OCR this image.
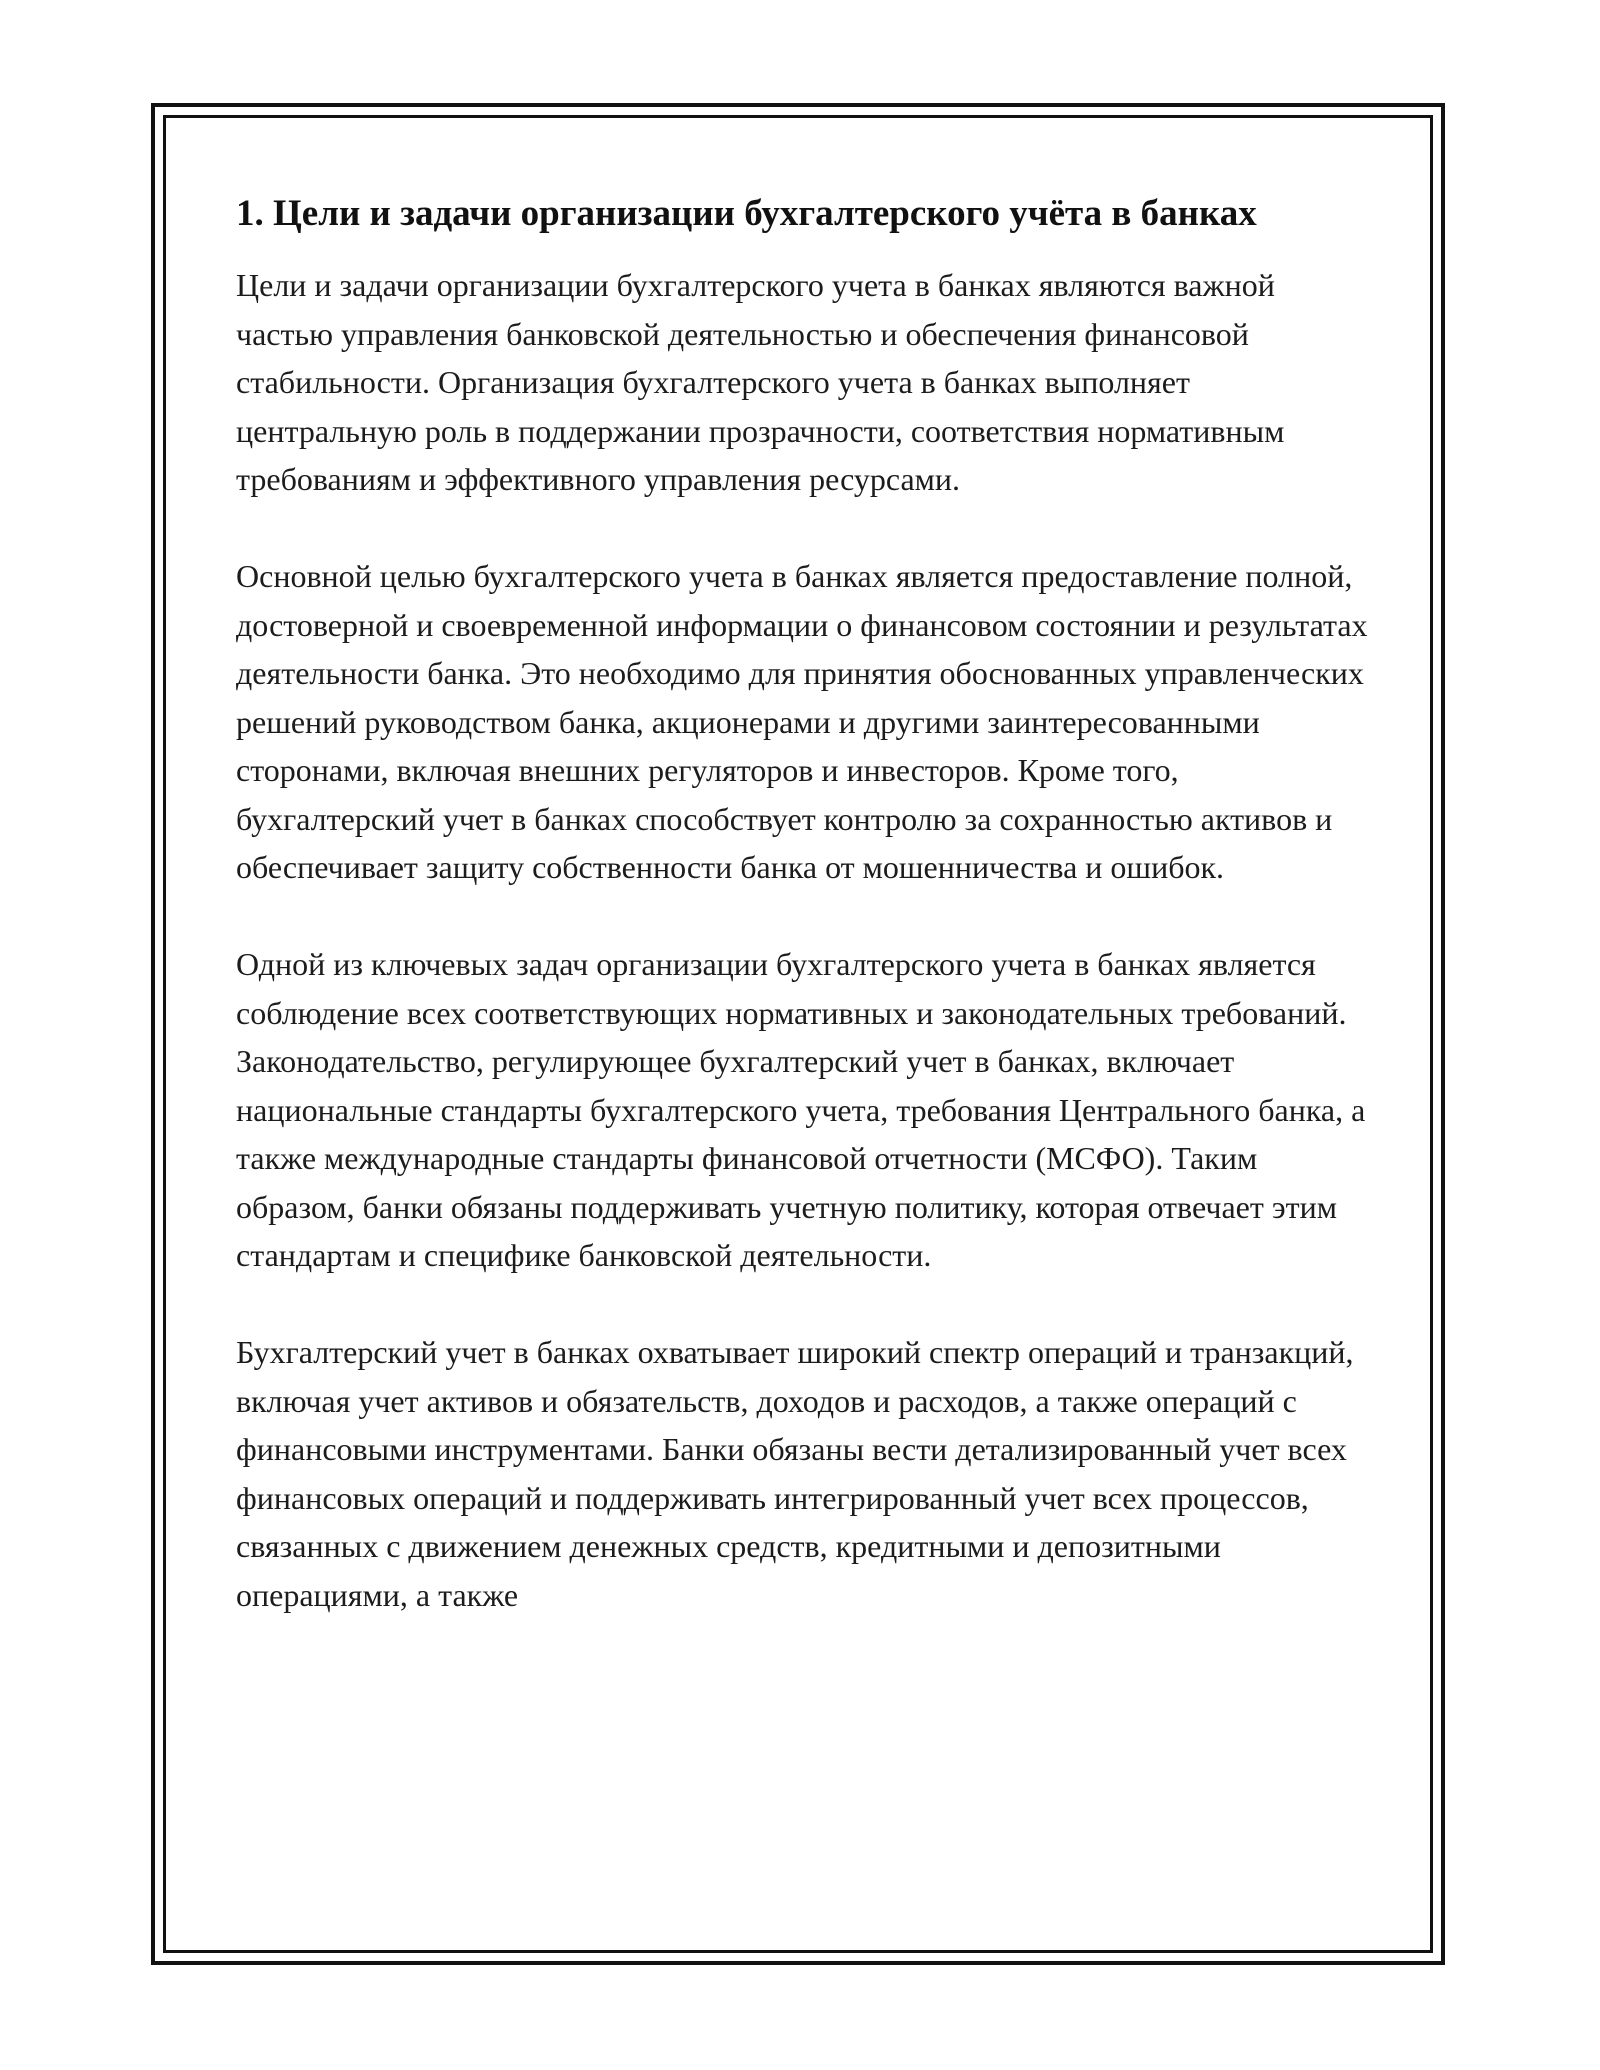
1. Цели и задачи организации бухгалтерского учёта в банках

Цели и задачи организации бухгалтерского учета в банках являются важной частью управления банковской деятельностью и обеспечения финансовой стабильности. Организация бухгалтерского учета в банках выполняет центральную роль в поддержании прозрачности, соответствия нормативным требованиям и эффективного управления ресурсами.

Основной целью бухгалтерского учета в банках является предоставление полной, достоверной и своевременной информации о финансовом состоянии и результатах деятельности банка. Это необходимо для принятия обоснованных управленческих решений руководством банка, акционерами и другими заинтересованными сторонами, включая внешних регуляторов и инвесторов. Кроме того, бухгалтерский учет в банках способствует контролю за сохранностью активов и обеспечивает защиту собственности банка от мошенничества и ошибок.

Одной из ключевых задач организации бухгалтерского учета в банках является соблюдение всех соответствующих нормативных и законодательных требований. Законодательство, регулирующее бухгалтерский учет в банках, включает национальные стандарты бухгалтерского учета, требования Центрального банка, а также международные стандарты финансовой отчетности (МСФО). Таким образом, банки обязаны поддерживать учетную политику, которая отвечает этим стандартам и специфике банковской деятельности.

Бухгалтерский учет в банках охватывает широкий спектр операций и транзакций, включая учет активов и обязательств, доходов и расходов, а также операций с финансовыми инструментами. Банки обязаны вести детализированный учет всех финансовых операций и поддерживать интегрированный учет всех процессов, связанных с движением денежных средств, кредитными и депозитными операциями, а также
